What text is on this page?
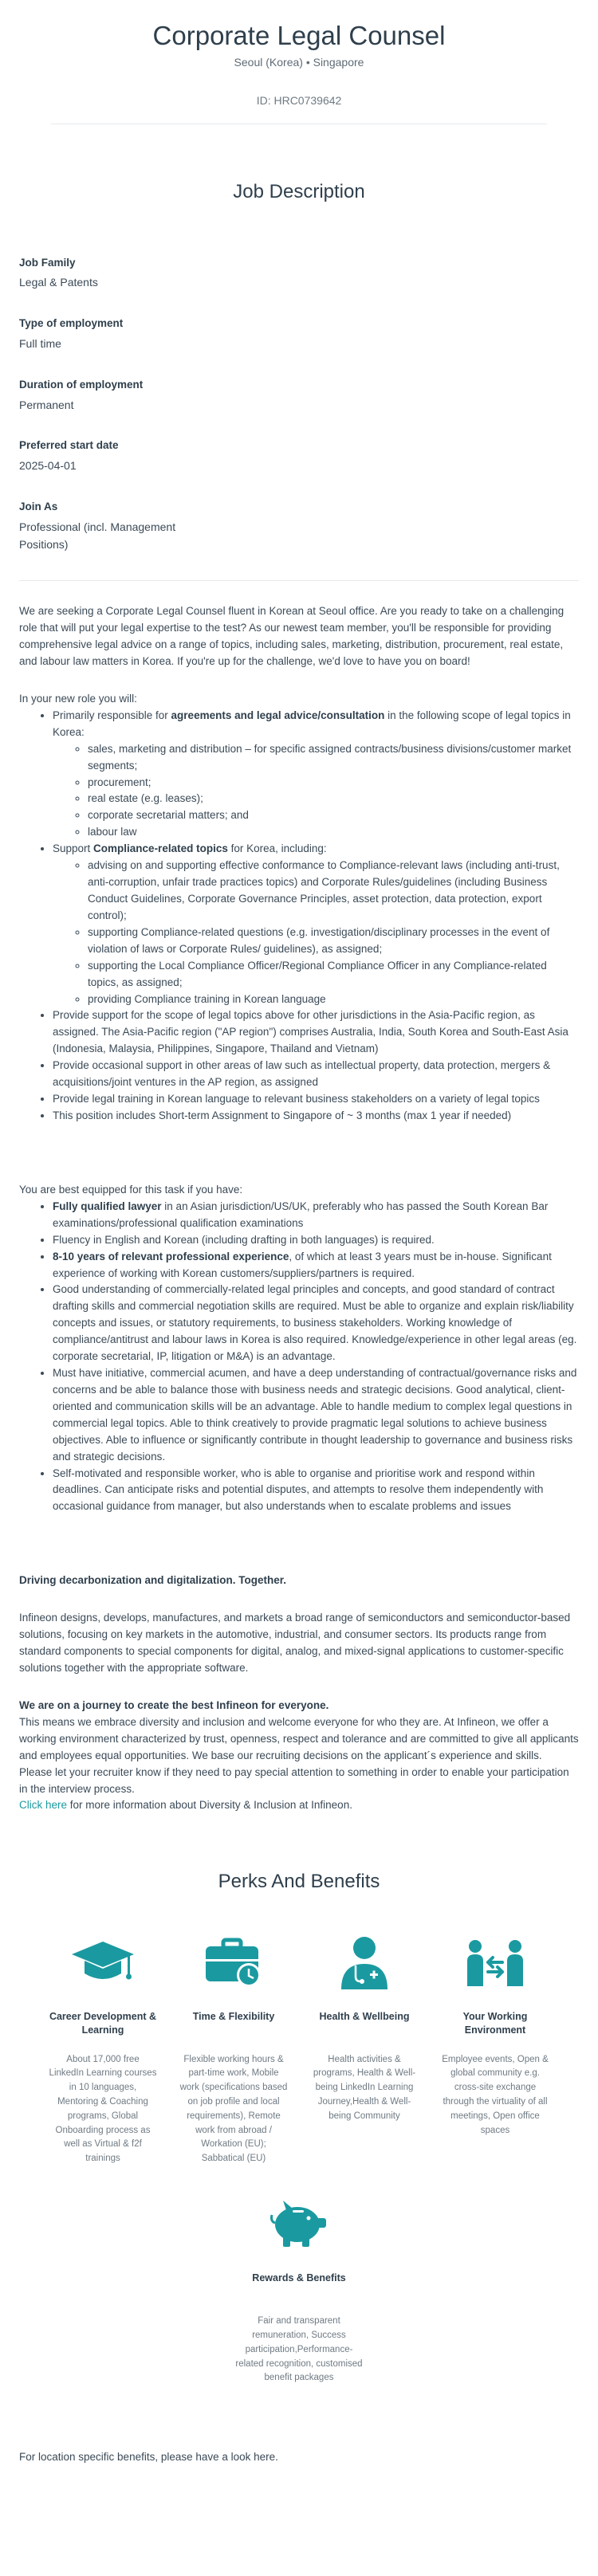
Corporate Legal Counsel
Seoul (Korea) • Singapore
ID: HRC0739642
Job Description
Job Family
Legal & Patents
Type of employment
Full time
Duration of employment
Permanent
Preferred start date
2025-04-01
Join As
Professional (incl. Management Positions)

We are seeking a Corporate Legal Counsel fluent in Korean at Seoul office. Are you ready to take on a challenging role that will put your legal expertise to the test? As our newest team member, you'll be responsible for providing comprehensive legal advice on a range of topics, including sales, marketing, distribution, procurement, real estate, and labour law matters in Korea. If you're up for the challenge, we'd love to have you on board!

In your new role you will:

• Primarily responsible for agreements and legal advice/consultation in the following scope of legal topics in Korea:
◦ sales, marketing and distribution – for specific assigned contracts/business divisions/customer market segments;
◦ procurement;
◦ real estate (e.g. leases);
◦ corporate secretarial matters; and
◦ labour law
• Support Compliance-related topics for Korea, including:
◦ advising on and supporting effective conformance to Compliance-relevant laws (including anti-trust, anti-corruption, unfair trade practices topics) and Corporate Rules/guidelines (including Business Conduct Guidelines, Corporate Governance Principles, asset protection, data protection, export control);
◦ supporting Compliance-related questions (e.g. investigation/disciplinary processes in the event of violation of laws or Corporate Rules/ guidelines), as assigned;
◦ supporting the Local Compliance Officer/Regional Compliance Officer in any Compliance-related topics, as assigned;
◦ providing Compliance training in Korean language
• Provide support for the scope of legal topics above for other jurisdictions in the Asia-Pacific region, as assigned. The Asia-Pacific region ("AP region") comprises Australia, India, South Korea and South-East Asia (Indonesia, Malaysia, Philippines, Singapore, Thailand and Vietnam)
• Provide occasional support in other areas of law such as intellectual property, data protection, mergers & acquisitions/joint ventures in the AP region, as assigned
• Provide legal training in Korean language to relevant business stakeholders on a variety of legal topics
• This position includes Short-term Assignment to Singapore of ~ 3 months (max 1 year if needed)

You are best equipped for this task if you have:

• Fully qualified lawyer in an Asian jurisdiction/US/UK, preferably who has passed the South Korean Bar examinations/professional qualification examinations
• Fluency in English and Korean (including drafting in both languages) is required.
• 8-10 years of relevant professional experience, of which at least 3 years must be in-house. Significant experience of working with Korean customers/suppliers/partners is required.
• Good understanding of commercially-related legal principles and concepts, and good standard of contract drafting skills and commercial negotiation skills are required. Must be able to organize and explain risk/liability concepts and issues, or statutory requirements, to business stakeholders. Working knowledge of compliance/antitrust and labour laws in Korea is also required. Knowledge/experience in other legal areas (eg. corporate secretarial, IP, litigation or M&A) is an advantage.
• Must have initiative, commercial acumen, and have a deep understanding of contractual/governance risks and concerns and be able to balance those with business needs and strategic decisions. Good analytical, client-oriented and communication skills will be an advantage. Able to handle medium to complex legal questions in commercial legal topics. Able to think creatively to provide pragmatic legal solutions to achieve business objectives. Able to influence or significantly contribute in thought leadership to governance and business risks and strategic decisions.
• Self-motivated and responsible worker, who is able to organise and prioritise work and respond within deadlines. Can anticipate risks and potential disputes, and attempts to resolve them independently with occasional guidance from manager, but also understands when to escalate problems and issues

Driving decarbonization and digitalization. Together.

Infineon designs, develops, manufactures, and markets a broad range of semiconductors and semiconductor-based solutions, focusing on key markets in the automotive, industrial, and consumer sectors. Its products range from standard components to special components for digital, analog, and mixed-signal applications to customer-specific solutions together with the appropriate software.

We are on a journey to create the best Infineon for everyone.

This means we embrace diversity and inclusion and welcome everyone for who they are. At Infineon, we offer a working environment characterized by trust, openness, respect and tolerance and are committed to give all applicants and employees equal opportunities. We base our recruiting decisions on the applicant´s experience and skills.

Please let your recruiter know if they need to pay special attention to something in order to enable your participation in the interview process.

Click here for more information about Diversity & Inclusion at Infineon.

Perks And Benefits
Career Development & Learning
About 17,000 free LinkedIn Learning courses in 10 languages, Mentoring & Coaching programs, Global Onboarding process as well as Virtual & f2f trainings
Time & Flexibility
Flexible working hours & part-time work, Mobile work (specifications based on job profile and local requirements), Remote work from abroad / Workation (EU); Sabbatical (EU)
Health & Wellbeing
Health activities & programs, Health & Well-being LinkedIn Learning Journey,Health & Well-being Community
Your Working Environment
Employee events, Open & global community e.g. cross-site exchange through the virtuality of all meetings, Open office spaces
Rewards & Benefits
Fair and transparent remuneration, Success participation,Performance-related recognition, customised benefit packages

For location specific benefits, please have a look here.
